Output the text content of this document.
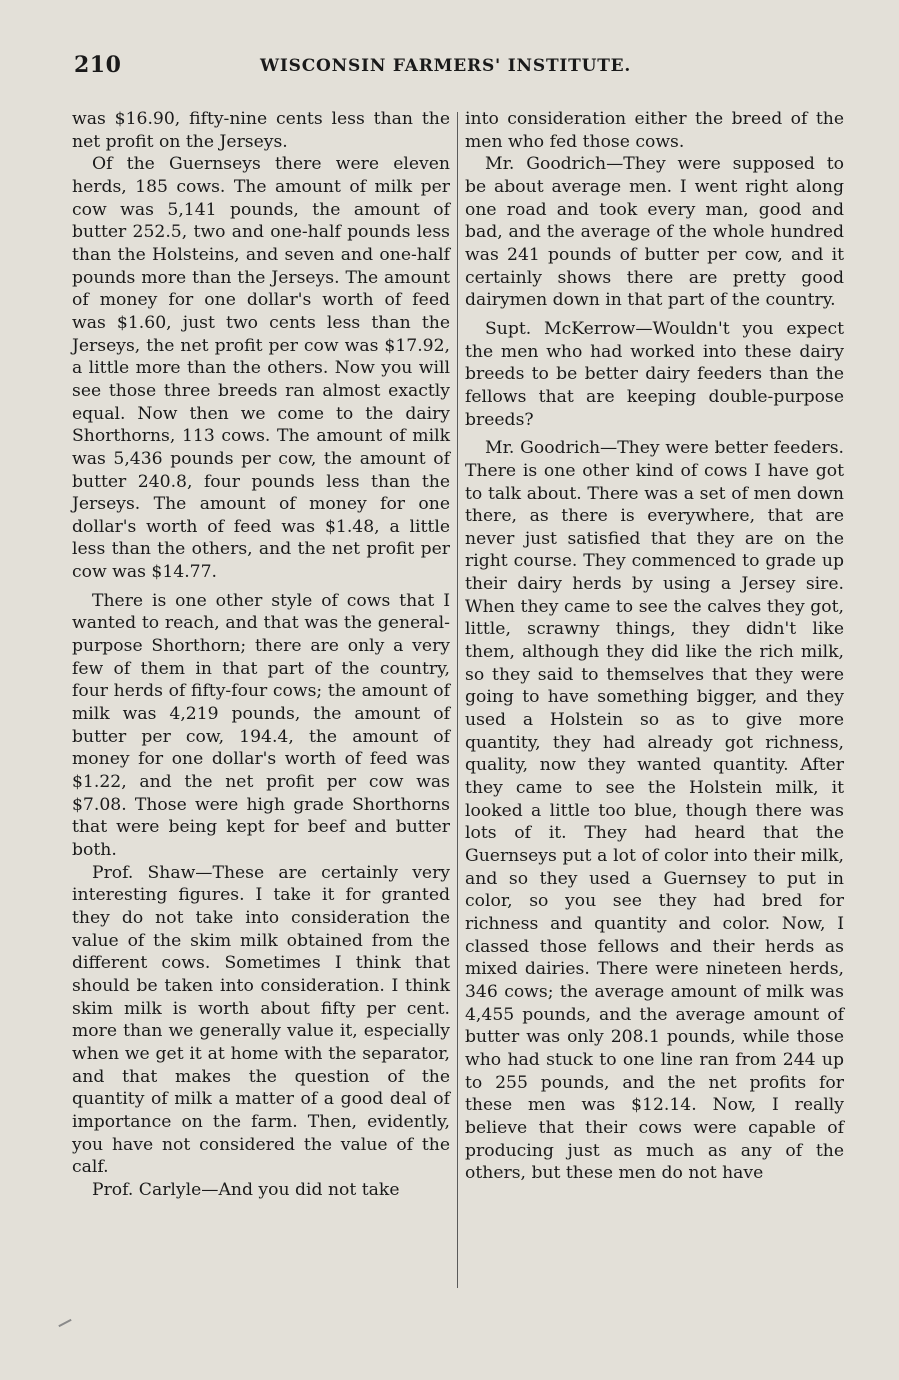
210	WISCONSIN FARMERS' INSTITUTE.

was $16.90, fifty-nine cents less than the net profit on the Jerseys.

Of the Guernseys there were eleven herds, 185 cows. The amount of milk per cow was 5,141 pounds, the amount of butter 252.5, two and one-half pounds less than the Holsteins, and seven and one-half pounds more than the Jerseys. The amount of money for one dollar's worth of feed was $1.60, just two cents less than the Jerseys, the net profit per cow was $17.92, a little more than the others. Now you will see those three breeds ran almost exactly equal. Now then we come to the dairy Shorthorns, 113 cows. The amount of milk was 5,436 pounds per cow, the amount of butter 240.8, four pounds less than the Jerseys. The amount of money for one dollar's worth of feed was $1.48, a little less than the others, and the net profit per cow was $14.77.

There is one other style of cows that I wanted to reach, and that was the general-purpose Shorthorn; there are only a very few of them in that part of the country, four herds of fifty-four cows; the amount of milk was 4,219 pounds, the amount of butter per cow, 194.4, the amount of money for one dollar's worth of feed was $1.22, and the net profit per cow was $7.08. Those were high grade Shorthorns that were being kept for beef and butter both.

Prof. Shaw—These are certainly very interesting figures. I take it for granted they do not take into consideration the value of the skim milk obtained from the different cows. Sometimes I think that should be taken into consideration. I think skim milk is worth about fifty per cent. more than we generally value it, especially when we get it at home with the separator, and that makes the question of the quantity of milk a matter of a good deal of importance on the farm. Then, evidently, you have not considered the value of the calf.

Prof. Carlyle—And you did not take

into consideration either the breed of the men who fed those cows.

Mr. Goodrich—They were supposed to be about average men. I went right along one road and took every man, good and bad, and the average of the whole hundred was 241 pounds of butter per cow, and it certainly shows there are pretty good dairymen down in that part of the country.

Supt. McKerrow—Wouldn't you expect the men who had worked into these dairy breeds to be better dairy feeders than the fellows that are keeping double-purpose breeds?

Mr. Goodrich—They were better feeders. There is one other kind of cows I have got to talk about. There was a set of men down there, as there is everywhere, that are never just satisfied that they are on the right course. They commenced to grade up their dairy herds by using a Jersey sire. When they came to see the calves they got, little, scrawny things, they didn't like them, although they did like the rich milk, so they said to themselves that they were going to have something bigger, and they used a Holstein so as to give more quantity, they had already got richness, quality, now they wanted quantity. After they came to see the Holstein milk, it looked a little too blue, though there was lots of it. They had heard that the Guernseys put a lot of color into their milk, and so they used a Guernsey to put in color, so you see they had bred for richness and quantity and color. Now, I classed those fellows and their herds as mixed dairies. There were nineteen herds, 346 cows; the average amount of milk was 4,455 pounds, and the average amount of butter was only 208.1 pounds, while those who had stuck to one line ran from 244 up to 255 pounds, and the net profits for these men was $12.14. Now, I really believe that their cows were capable of producing just as much as any of the others, but these men do not have
